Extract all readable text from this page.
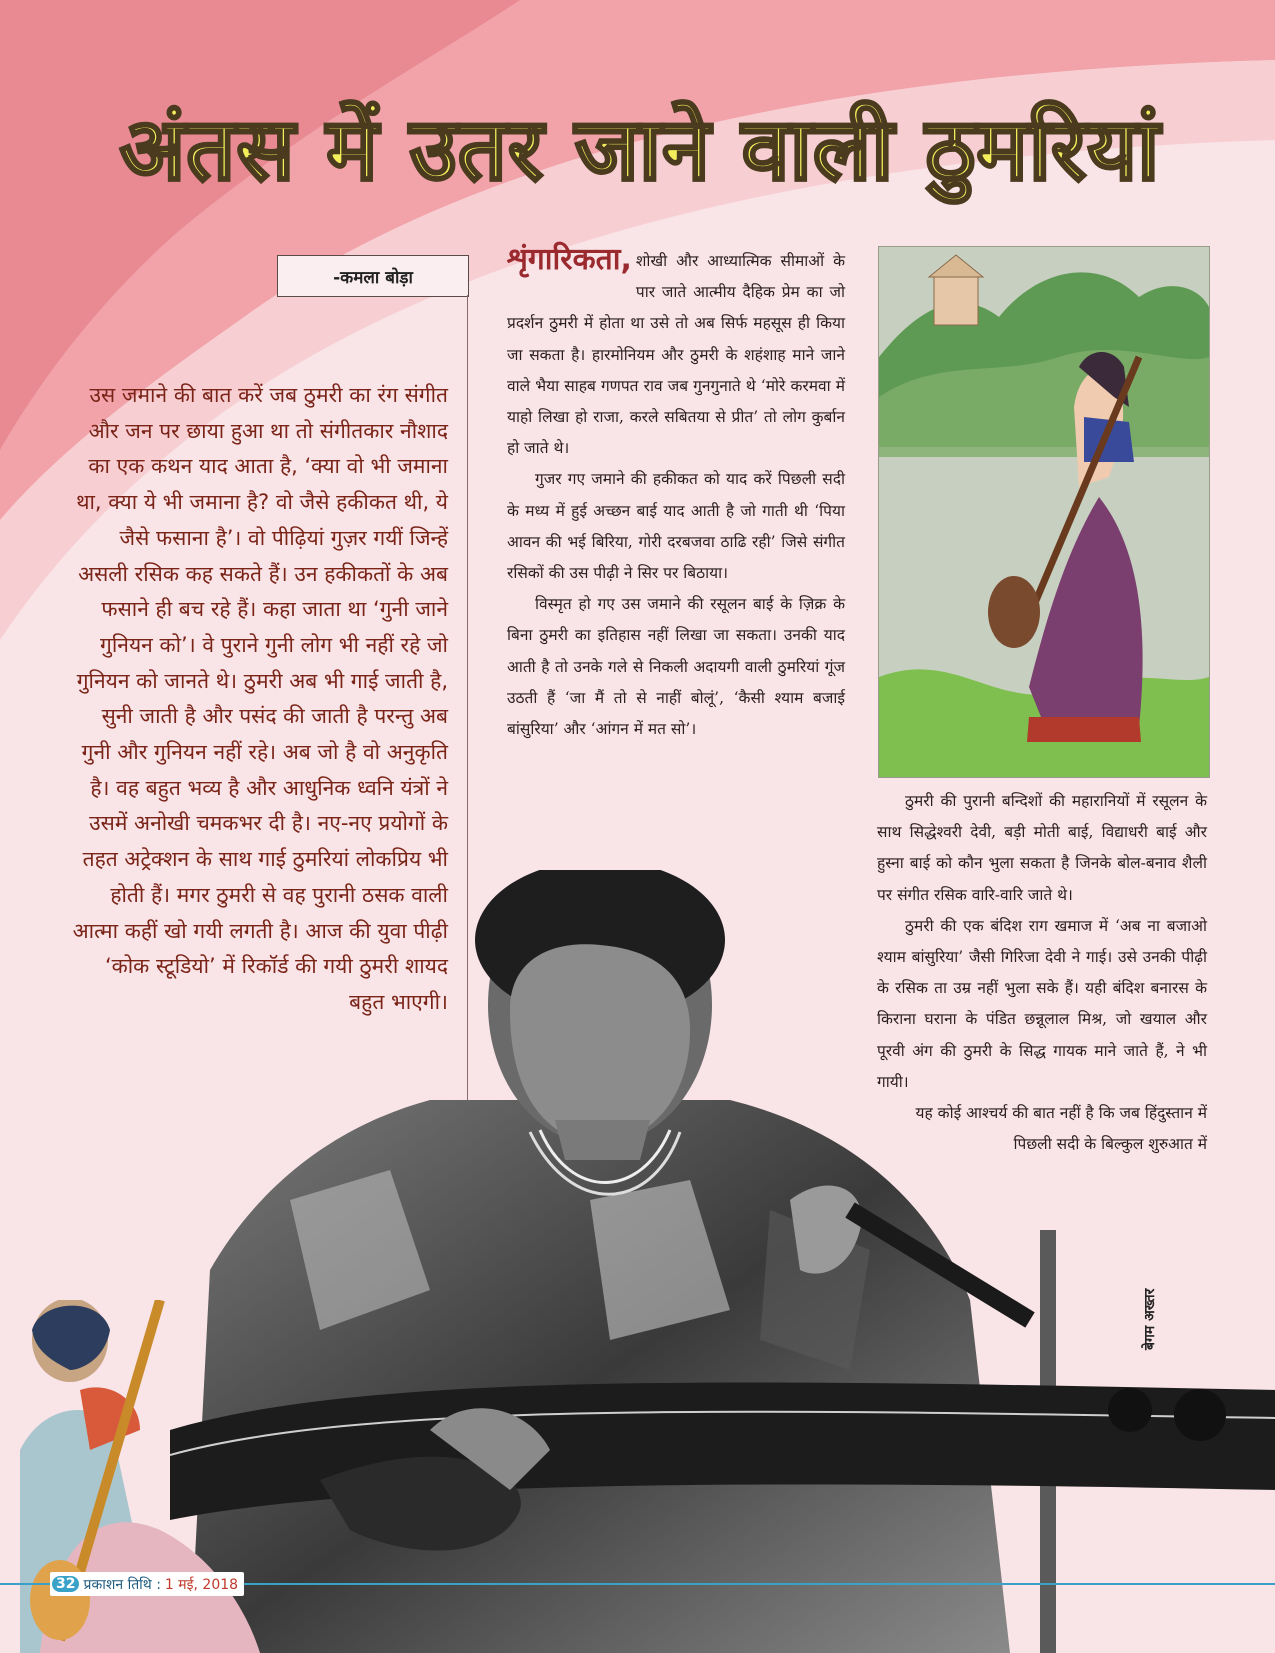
अंतस में उतर जाने वाली ठुमरियां
-कमला बोड़ा

उस जमाने की बात करें जब ठुमरी का रंग संगीत और जन पर छाया हुआ था तो संगीतकार नौशाद का एक कथन याद आता है, ‘क्या वो भी जमाना था, क्या ये भी जमाना है? वो जैसे हकीकत थी, ये जैसे फसाना है’। वो पीढ़ियां गुज़र गयीं जिन्हें असली रसिक कह सकते हैं। उन हकीकतों के अब फसाने ही बच रहे हैं। कहा जाता था ‘गुनी जाने गुनियन को’। वे पुराने गुनी लोग भी नहीं रहे जो गुनियन को जानते थे। ठुमरी अब भी गाई जाती है, सुनी जाती है और पसंद की जाती है परन्तु अब गुनी और गुनियन नहीं रहे। अब जो है वो अनुकृति है। वह बहुत भव्य है और आधुनिक ध्वनि यंत्रों ने उसमें अनोखी चमकभर दी है। नए-नए प्रयोगों के तहत अट्रेक्शन के साथ गाई ठुमरियां लोकप्रिय भी होती हैं। मगर ठुमरी से वह पुरानी ठसक वाली आत्मा कहीं खो गयी लगती है। आज की युवा पीढ़ी ‘कोक स्टूडियो’ में रिकॉर्ड की गयी ठुमरी शायद बहुत भाएगी।

शृंगारिकता, शोखी और आध्यात्मिक सीमाओं के पार जाते आत्मीय दैहिक प्रेम का जो प्रदर्शन ठुमरी में होता था उसे तो अब सिर्फ महसूस ही किया जा सकता है। हारमोनियम और ठुमरी के शहंशाह माने जाने वाले भैया साहब गणपत राव जब गुनगुनाते थे ‘मोरे करमवा में याहो लिखा हो राजा, करले सबितया से प्रीत’ तो लोग कुर्बान हो जाते थे।

गुजर गए जमाने की हकीकत को याद करें पिछली सदी के मध्य में हुई अच्छन बाई याद आती है जो गाती थी ‘पिया आवन की भई बिरिया, गोरी दरबजवा ठाढि रही’ जिसे संगीत रसिकों की उस पीढ़ी ने सिर पर बिठाया।

विस्मृत हो गए उस जमाने की रसूलन बाई के ज़िक्र के बिना ठुमरी का इतिहास नहीं लिखा जा सकता। उनकी याद आती है तो उनके गले से निकली अदायगी वाली ठुमरियां गूंज उठती हैं ‘जा मैं तो से नाहीं बोलूं’, ‘कैसी श्याम बजाई बांसुरिया’ और ‘आंगन में मत सो’।

ठुमरी की पुरानी बन्दिशों की महारानियों में रसूलन के साथ सिद्धेश्वरी देवी, बड़ी मोती बाई, विद्याधरी बाई और हुस्ना बाई को कौन भुला सकता है जिनके बोल-बनाव शैली पर संगीत रसिक वारि-वारि जाते थे।

ठुमरी की एक बंदिश राग खमाज में ‘अब ना बजाओ श्याम बांसुरिया’ जैसी गिरिजा देवी ने गाई। उसे उनकी पीढ़ी के रसिक ता उम्र नहीं भुला सके हैं। यही बंदिश बनारस के किराना घराना के पंडित छन्नूलाल मिश्र, जो खयाल और पूरवी अंग की ठुमरी के सिद्ध गायक माने जाते हैं, ने भी गायी।

यह कोई आश्चर्य की बात नहीं है कि जब हिंदुस्तान में पिछली सदी के बिल्कुल शुरुआत में

बेगम अख्तर
32 प्रकाशन तिथि : 1 मई, 2018
